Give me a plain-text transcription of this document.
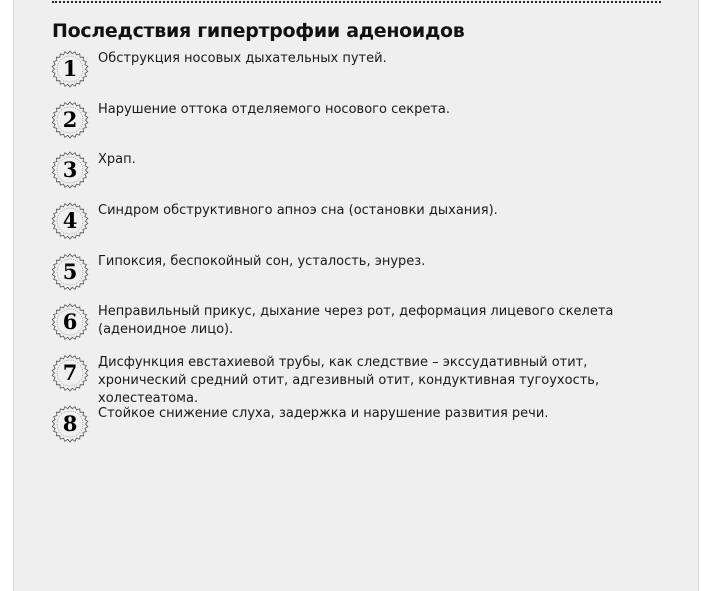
Последствия гипертрофии аденоидов
1	Обструкция носовых дыхательных путей.
2	Нарушение оттока отделяемого носового секрета.
3	Храп.
4	Синдром обструктивного апноэ сна (остановки дыхания).
5	Гипоксия, беспокойный сон, усталость, энурез.
6	Неправильный прикус, дыхание через рот, деформация лицевого скелета (аденоидное лицо).
7	Дисфункция евстахиевой трубы, как следствие – экссудативный отит, хронический средний отит, адгезивный отит, кондуктивная тугоухость, холестеатома.
8	Стойкое снижение слуха, задержка и нарушение развития речи.
